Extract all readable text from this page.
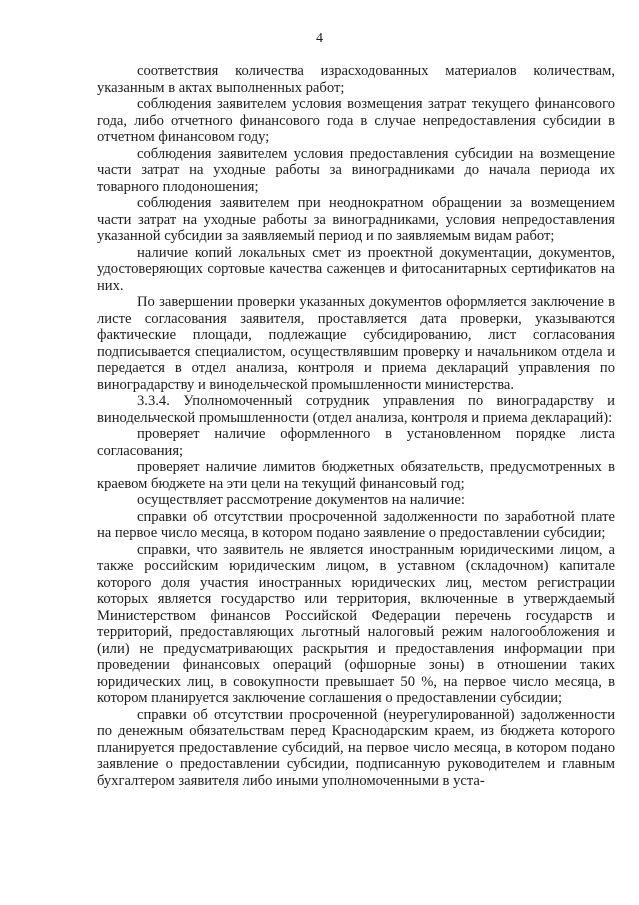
4

соответствия количества израсходованных материалов количествам, указанным в актах выполненных работ;

соблюдения заявителем условия возмещения затрат текущего финансового года, либо отчетного финансового года в случае непредоставления субсидии в отчетном финансовом году;

соблюдения заявителем условия предоставления субсидии на возмещение части затрат на уходные работы за виноградниками до начала периода их товарного плодоношения;

соблюдения заявителем при неоднократном обращении за возмещением части затрат на уходные работы за виноградниками, условия непредоставления указанной субсидии за заявляемый период и по заявляемым видам работ;

наличие копий локальных смет из проектной документации, документов, удостоверяющих сортовые качества саженцев и фитосанитарных сертификатов на них.

По завершении проверки указанных документов оформляется заключение в листе согласования заявителя, проставляется дата проверки, указываются фактические площади, подлежащие субсидированию, лист согласования подписывается специалистом, осуществлявшим проверку и начальником отдела и передается в отдел анализа, контроля и приема деклараций управления по виноградарству и винодельческой промышленности министерства.

3.3.4. Уполномоченный сотрудник управления по виноградарству и винодельческой промышленности (отдел анализа, контроля и приема деклараций):

проверяет наличие оформленного в установленном порядке листа согласования;

проверяет наличие лимитов бюджетных обязательств, предусмотренных в краевом бюджете на эти цели на текущий финансовый год;

осуществляет рассмотрение документов на наличие:

справки об отсутствии просроченной задолженности по заработной плате на первое число месяца, в котором подано заявление о предоставлении субсидии;

справки, что заявитель не является иностранным юридическими лицом, а также российским юридическим лицом, в уставном (складочном) капитале которого доля участия иностранных юридических лиц, местом регистрации которых является государство или территория, включенные в утверждаемый Министерством финансов Российской Федерации перечень государств и территорий, предоставляющих льготный налоговый режим налогообложения и (или) не предусматривающих раскрытия и предоставления информации при проведении финансовых операций (офшорные зоны) в отношении таких юридических лиц, в совокупности превышает 50 %, на первое число месяца, в котором планируется заключение соглашения о предоставлении субсидии;

справки об отсутствии просроченной (неурегулированной) задолженности по денежным обязательствам перед Краснодарским краем, из бюджета которого планируется предоставление субсидий, на первое число месяца, в котором подано заявление о предоставлении субсидии, подписанную руководителем и главным бухгалтером заявителя либо иными уполномоченными в уста-
